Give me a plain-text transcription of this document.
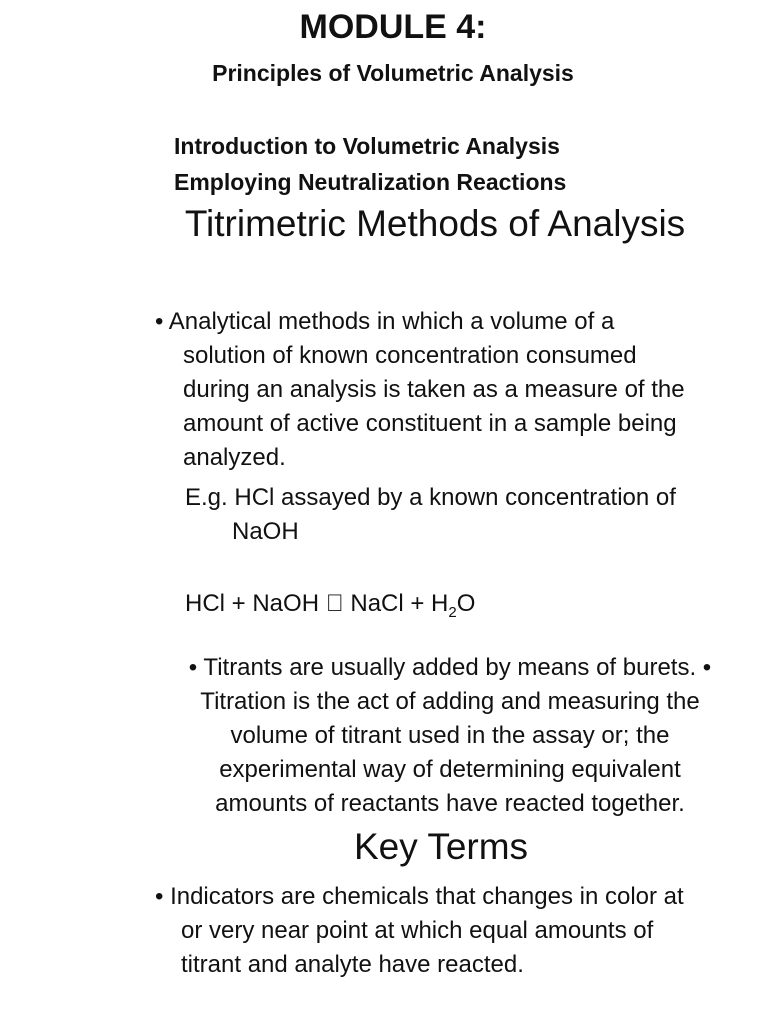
MODULE 4:
Principles of Volumetric Analysis
Introduction to Volumetric Analysis
Employing Neutralization Reactions
Titrimetric Methods of Analysis
• Analytical methods in which a volume of a
solution of known concentration consumed
during an analysis is taken as a measure of the
amount of active constituent in a sample being
analyzed.
E.g. HCl assayed by a known concentration of
NaOH
HCl + NaOH   NaCl + $H_2O$
• Titrants are usually added by means of burets. •
Titration is the act of adding and measuring the
volume of titrant used in the assay or; the
experimental way of determining equivalent
amounts of reactants have reacted together.
Key Terms
• Indicators are chemicals that changes in color at
or very near point at which equal amounts of
titrant and analyte have reacted.
